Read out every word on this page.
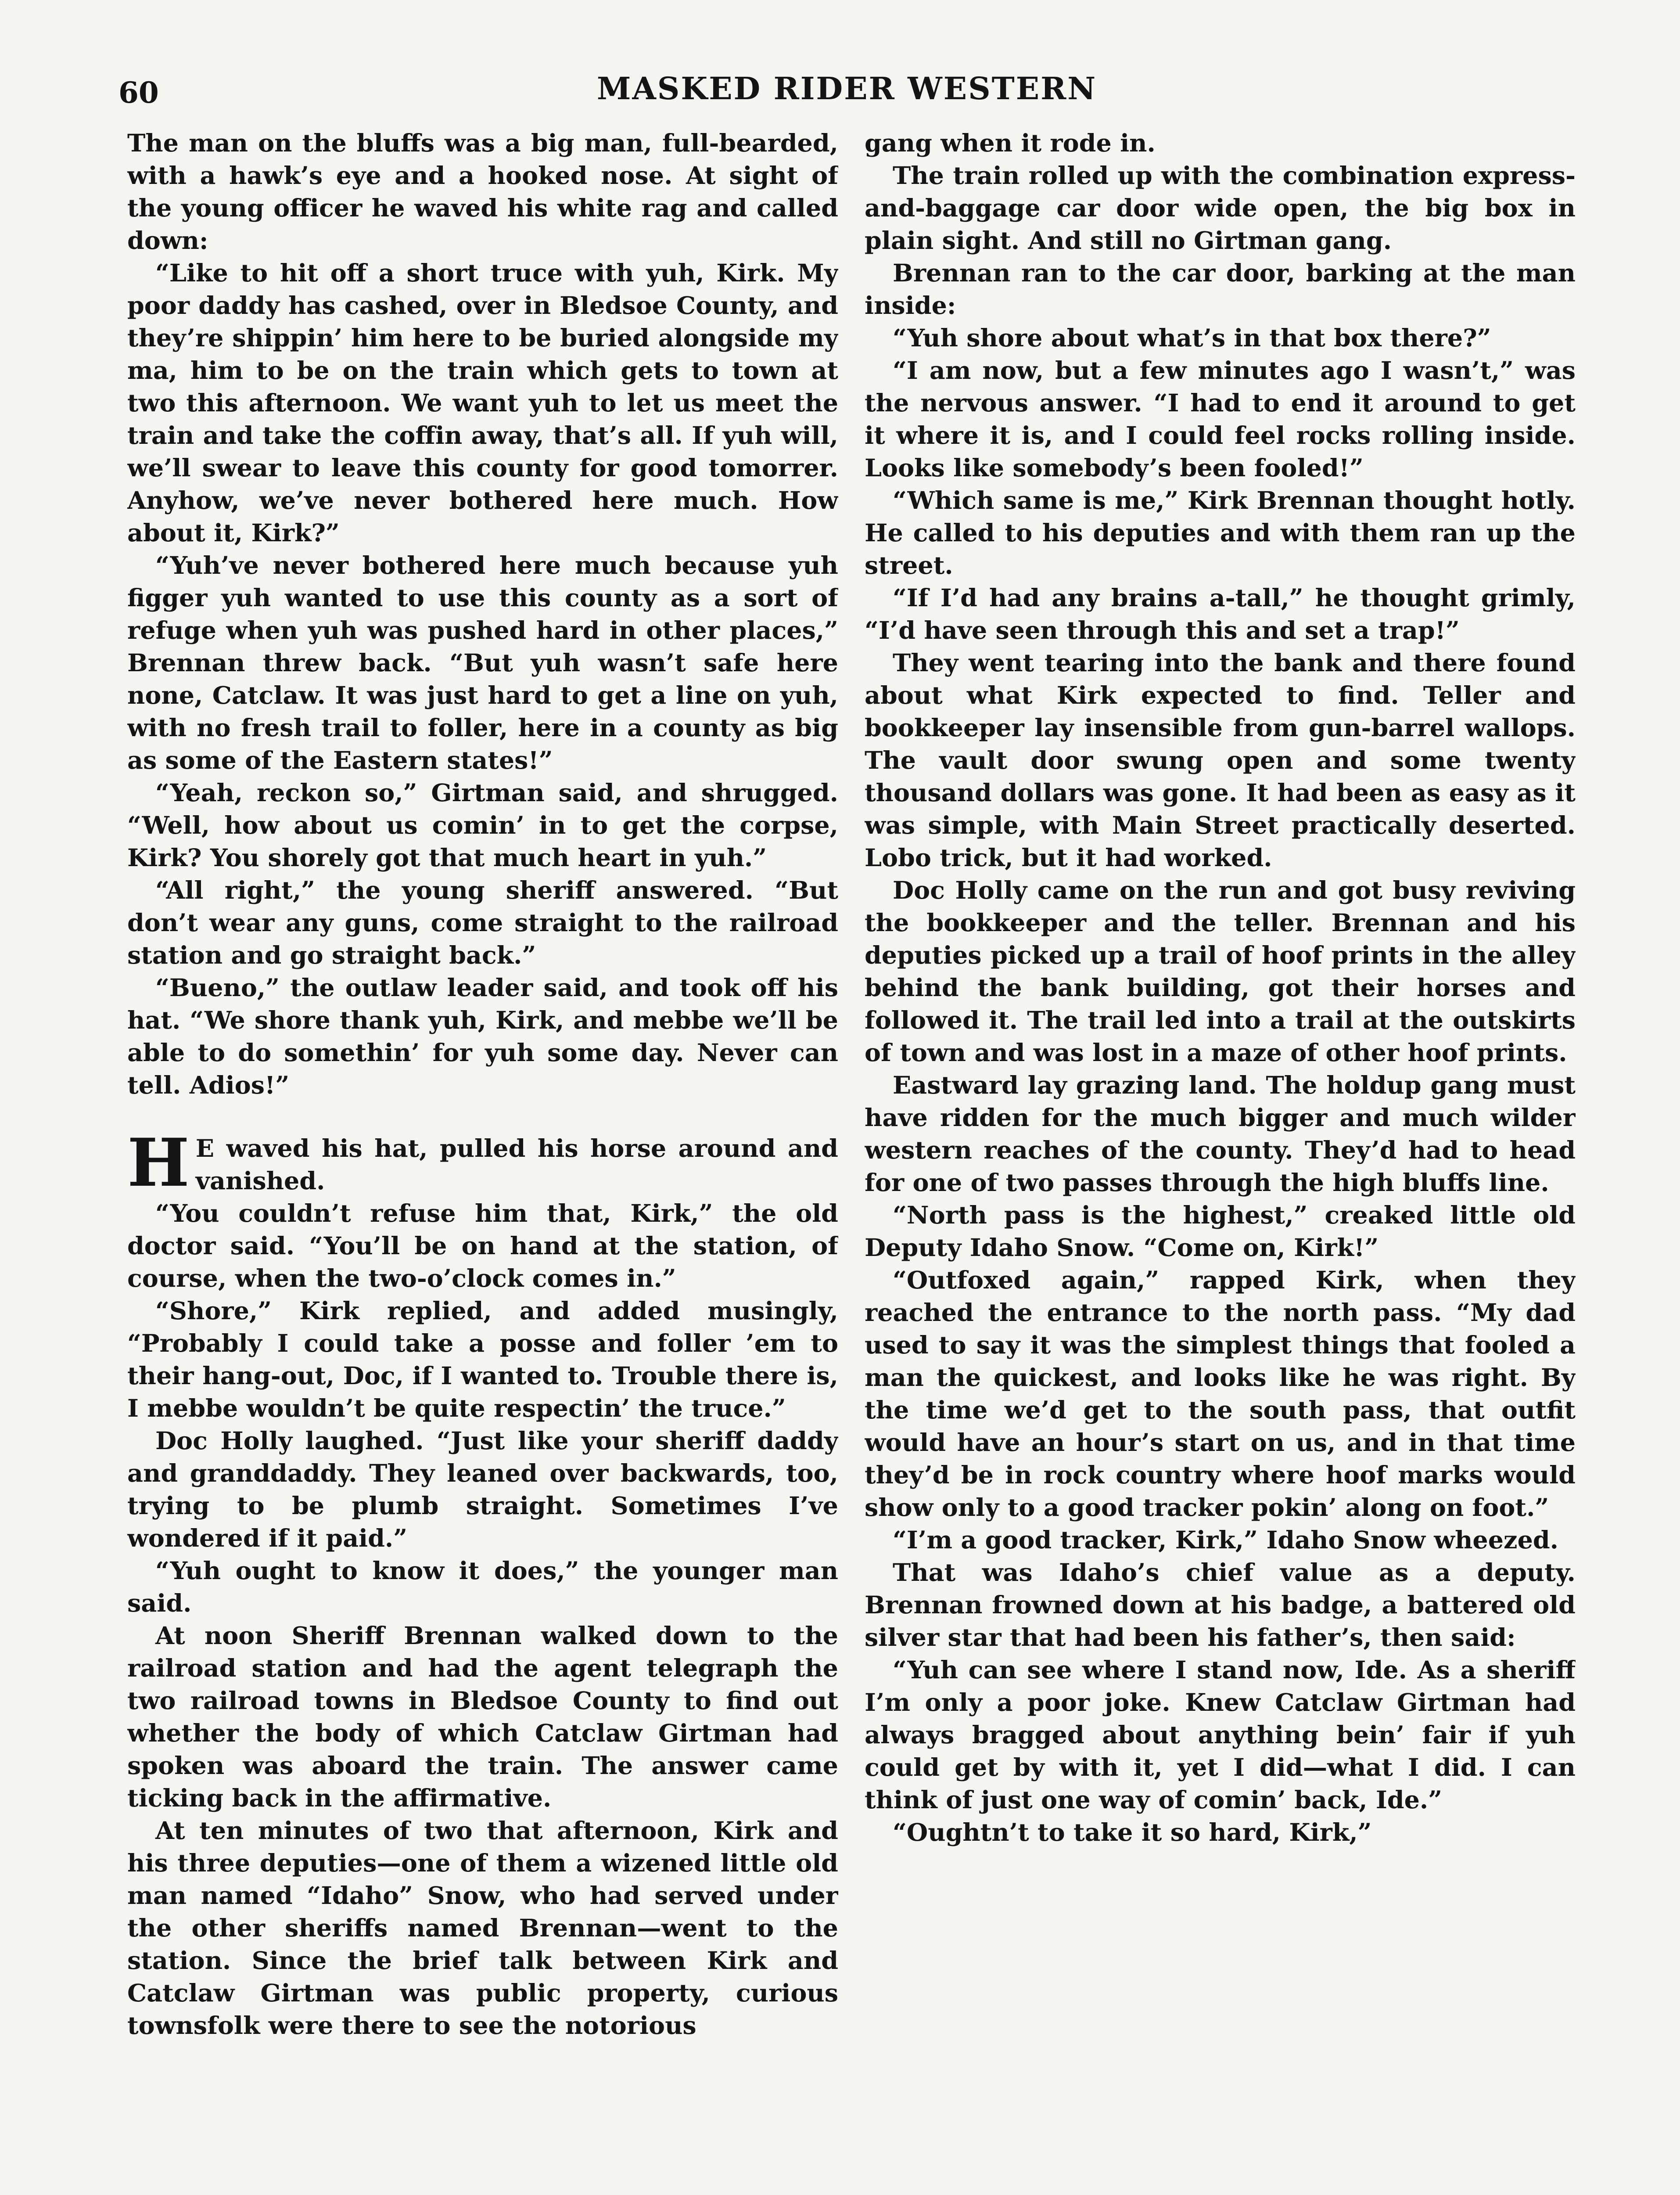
60	MASKED RIDER WESTERN

The man on the bluffs was a big man, full-bearded, with a hawk’s eye and a hooked nose. At sight of the young officer he waved his white rag and called down:

“Like to hit off a short truce with yuh, Kirk. My poor daddy has cashed, over in Bledsoe County, and they’re shippin’ him here to be buried alongside my ma, him to be on the train which gets to town at two this afternoon. We want yuh to let us meet the train and take the coffin away, that’s all. If yuh will, we’ll swear to leave this county for good tomorrer. Anyhow, we’ve never bothered here much. How about it, Kirk?”

“Yuh’ve never bothered here much because yuh figger yuh wanted to use this county as a sort of refuge when yuh was pushed hard in other places,” Brennan threw back. “But yuh wasn’t safe here none, Catclaw. It was just hard to get a line on yuh, with no fresh trail to foller, here in a county as big as some of the Eastern states!”

“Yeah, reckon so,” Girtman said, and shrugged. “Well, how about us comin’ in to get the corpse, Kirk? You shorely got that much heart in yuh.”

“All right,” the young sheriff answered. “But don’t wear any guns, come straight to the railroad station and go straight back.”

“Bueno,” the outlaw leader said, and took off his hat. “We shore thank yuh, Kirk, and mebbe we’ll be able to do somethin’ for yuh some day. Never can tell. Adios!”

H E waved his hat, pulled his horse around and vanished.

“You couldn’t refuse him that, Kirk,” the old doctor said. “You’ll be on hand at the station, of course, when the two-o’clock comes in.”

“Shore,” Kirk replied, and added musingly, “Probably I could take a posse and foller ’em to their hang-out, Doc, if I wanted to. Trouble there is, I mebbe wouldn’t be quite respectin’ the truce.”

Doc Holly laughed. “Just like your sheriff daddy and granddaddy. They leaned over backwards, too, trying to be plumb straight. Sometimes I’ve wondered if it paid.”

“Yuh ought to know it does,” the younger man said.

At noon Sheriff Brennan walked down to the railroad station and had the agent telegraph the two railroad towns in Bledsoe County to find out whether the body of which Catclaw Girtman had spoken was aboard the train. The answer came ticking back in the affirmative.

At ten minutes of two that afternoon, Kirk and his three deputies—one of them a wizened little old man named “Idaho” Snow, who had served under the other sheriffs named Brennan—went to the station. Since the brief talk between Kirk and Catclaw Girtman was public property, curious townsfolk were there to see the notorious

gang when it rode in.

The train rolled up with the combination express-and-baggage car door wide open, the big box in plain sight. And still no Girtman gang.

Brennan ran to the car door, barking at the man inside:

“Yuh shore about what’s in that box there?”

“I am now, but a few minutes ago I wasn’t,” was the nervous answer. “I had to end it around to get it where it is, and I could feel rocks rolling inside. Looks like somebody’s been fooled!”

“Which same is me,” Kirk Brennan thought hotly. He called to his deputies and with them ran up the street.

“If I’d had any brains a-tall,” he thought grimly, “I’d have seen through this and set a trap!”

They went tearing into the bank and there found about what Kirk expected to find. Teller and bookkeeper lay insensible from gun-barrel wallops. The vault door swung open and some twenty thousand dollars was gone. It had been as easy as it was simple, with Main Street practically deserted. Lobo trick, but it had worked.

Doc Holly came on the run and got busy reviving the bookkeeper and the teller. Brennan and his deputies picked up a trail of hoof prints in the alley behind the bank building, got their horses and followed it. The trail led into a trail at the outskirts of town and was lost in a maze of other hoof prints.

Eastward lay grazing land. The holdup gang must have ridden for the much bigger and much wilder western reaches of the county. They’d had to head for one of two passes through the high bluffs line.

“North pass is the highest,” creaked little old Deputy Idaho Snow. “Come on, Kirk!”

“Outfoxed again,” rapped Kirk, when they reached the entrance to the north pass. “My dad used to say it was the simplest things that fooled a man the quickest, and looks like he was right. By the time we’d get to the south pass, that outfit would have an hour’s start on us, and in that time they’d be in rock country where hoof marks would show only to a good tracker pokin’ along on foot.”

“I’m a good tracker, Kirk,” Idaho Snow wheezed.

That was Idaho’s chief value as a deputy. Brennan frowned down at his badge, a battered old silver star that had been his father’s, then said:

“Yuh can see where I stand now, Ide. As a sheriff I’m only a poor joke. Knew Catclaw Girtman had always bragged about anything bein’ fair if yuh could get by with it, yet I did—what I did. I can think of just one way of comin’ back, Ide.”

“Oughtn’t to take it so hard, Kirk,”
